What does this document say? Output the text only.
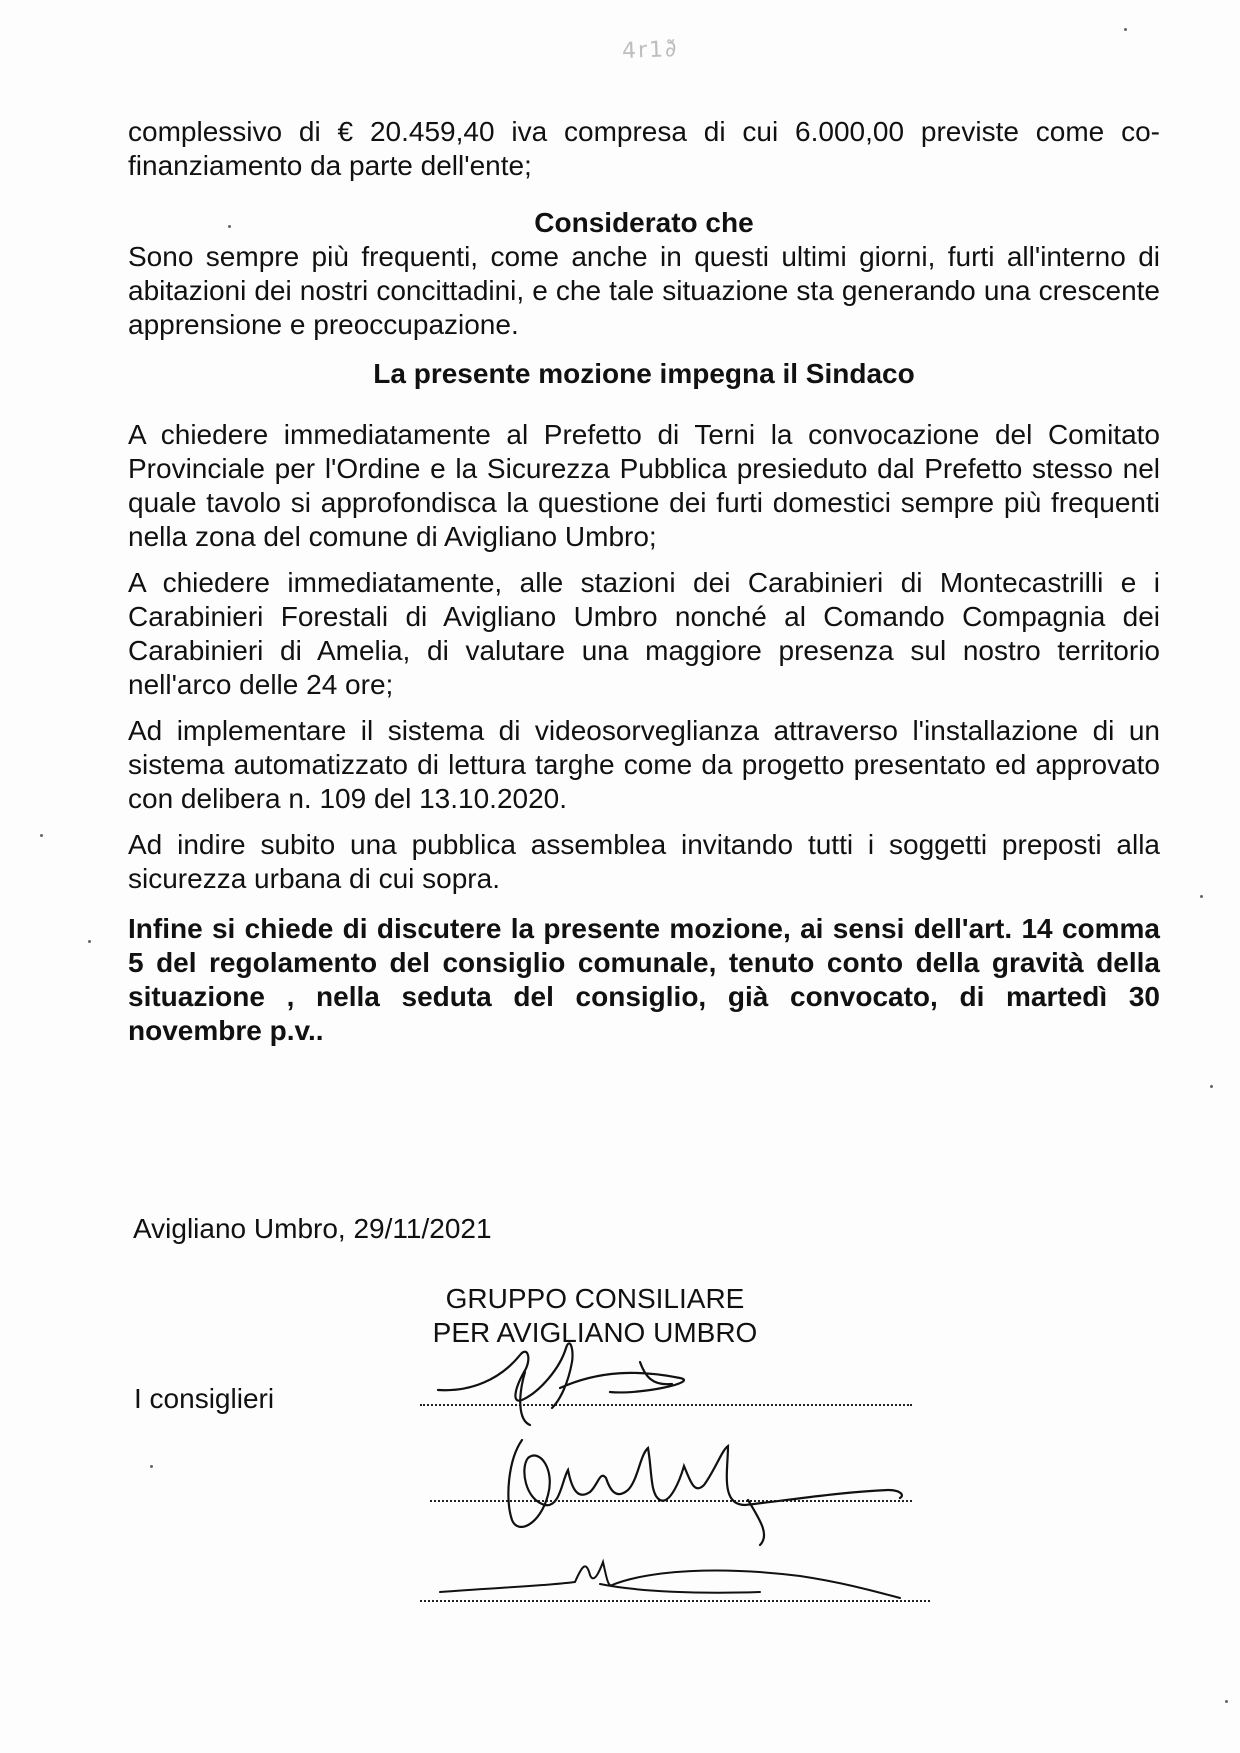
4r1∂̃

complessivo di € 20.459,40 iva compresa di cui 6.000,00 previste come co-finanziamento da parte dell'ente;

Considerato che

Sono sempre più frequenti, come anche in questi ultimi giorni, furti all'interno di abitazioni dei nostri concittadini, e che tale situazione sta generando una crescente apprensione e preoccupazione.

La presente mozione impegna il Sindaco

A chiedere immediatamente al Prefetto di Terni la convocazione del Comitato Provinciale per l'Ordine e la Sicurezza Pubblica presieduto dal Prefetto stesso nel quale tavolo si approfondisca la questione dei furti domestici sempre più frequenti nella zona del comune di Avigliano Umbro;

A chiedere immediatamente, alle stazioni dei Carabinieri di Montecastrilli e i Carabinieri Forestali di Avigliano Umbro nonché al Comando Compagnia dei Carabinieri di Amelia, di valutare una maggiore presenza sul nostro territorio nell'arco delle 24 ore;

Ad implementare il sistema di videosorveglianza attraverso l'installazione di un sistema automatizzato di lettura targhe come da progetto presentato ed approvato con delibera n. 109 del 13.10.2020.

Ad indire subito una pubblica assemblea invitando tutti i soggetti preposti alla sicurezza urbana di cui sopra.

Infine si chiede di discutere la presente mozione, ai sensi dell'art. 14 comma 5 del regolamento del consiglio comunale, tenuto conto della gravità della situazione , nella seduta del consiglio, già convocato, di martedì 30 novembre p.v..

Avigliano Umbro, 29/11/2021
GRUPPO CONSILIARE
PER AVIGLIANO UMBRO
I consiglieri
